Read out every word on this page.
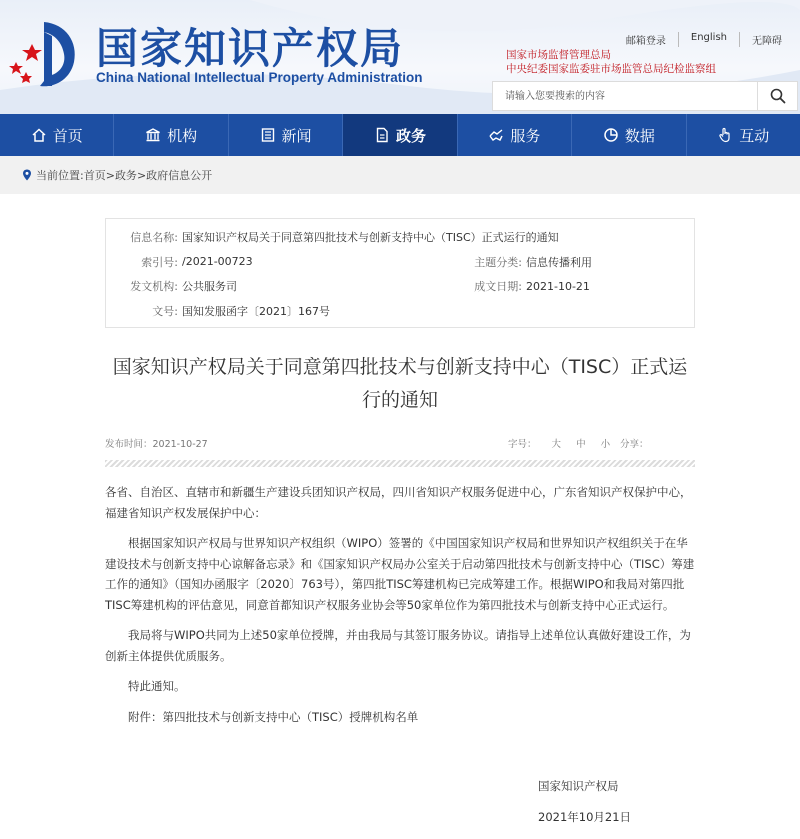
国家知识产权局
China National Intellectual Property Administration
邮箱登录	English	无障碍
国家市场监督管理总局
中央纪委国家监委驻市场监管总局纪检监察组
请输入您要搜索的内容
首页	机构	新闻	政务	服务	数据	互动
当前位置: 首页 > 政务 > 政府信息公开
信息名称: 国家知识产权局关于同意第四批技术与创新支持中心（TISC）正式运行的通知
索引号: /2021-00723	主题分类: 信息传播利用
发文机构: 公共服务司	成文日期: 2021-10-21
文号: 国知发服函字〔2021〕167号
国家知识产权局关于同意第四批技术与创新支持中心（TISC）正式运行的通知
发布时间：2021-10-27	字号： 大 中 小 分享：

各省、自治区、直辖市和新疆生产建设兵团知识产权局，四川省知识产权服务促进中心，广东省知识产权保护中心，福建省知识产权发展保护中心：

根据国家知识产权局与世界知识产权组织（WIPO）签署的《中国国家知识产权局和世界知识产权组织关于在华建设技术与创新支持中心谅解备忘录》和《国家知识产权局办公室关于启动第四批技术与创新支持中心（TISC）筹建工作的通知》（国知办函服字〔2020〕763号），第四批TISC筹建机构已完成筹建工作。根据WIPO和我局对第四批TISC筹建机构的评估意见，同意首都知识产权服务业协会等50家单位作为第四批技术与创新支持中心正式运行。

我局将与WIPO共同为上述50家单位授牌，并由我局与其签订服务协议。请指导上述单位认真做好建设工作，为创新主体提供优质服务。

特此通知。

附件：第四批技术与创新支持中心（TISC）授牌机构名单

国家知识产权局
2021年10月21日
